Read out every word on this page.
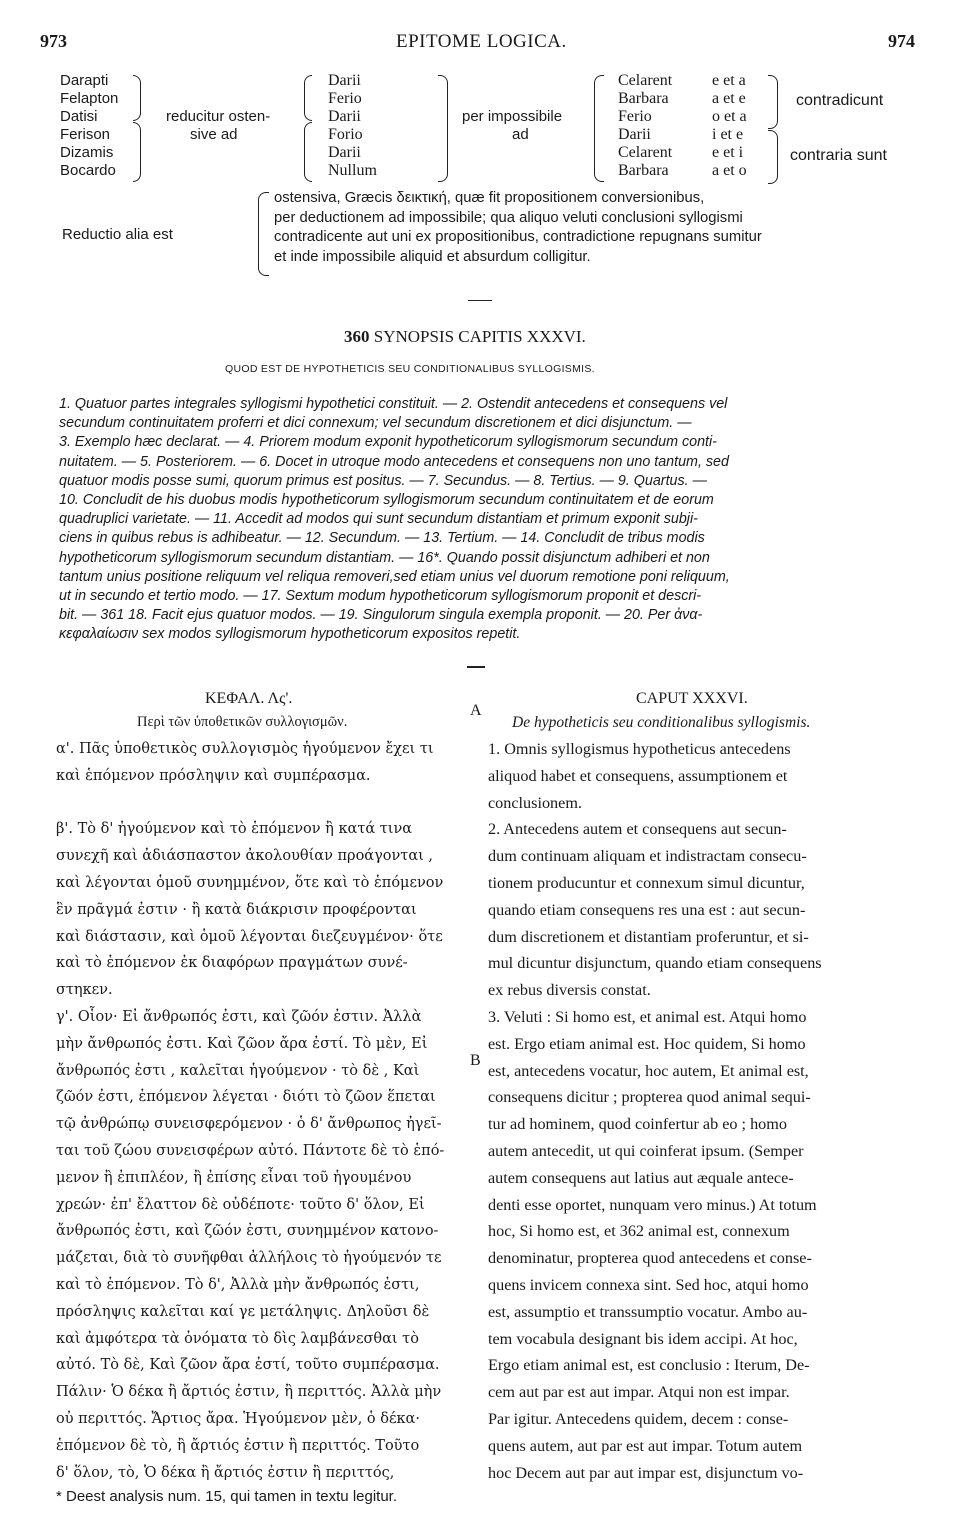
973	EPITOME LOGICA.	974
Darapti
Felapton
Datisi
Ferison
Dizamis
Bocardo
reducitur osten-
sive ad
Darii
Ferio
Darii
Forio
Darii
Nullum
per impossibile
ad
Celarent
Barbara
Ferio
Darii
Celarent
Barbara
e et a
a et e
o et a
i et e
e et i
a et o
contradicunt
contraria sunt
Reductio alia est
ostensiva, Græcis δεικτική, quæ fit propositionem conversionibus,
per deductionem ad impossibile; qua aliquo veluti conclusioni syllogismi
contradicente aut uni ex propositionibus, contradictione repugnans sumitur
et inde impossibile aliquid et absurdum colligitur.
360 SYNOPSIS CAPITIS XXXVI.
QUOD EST DE HYPOTHETICIS SEU CONDITIONALIBUS SYLLOGISMIS.
1. Quatuor partes integrales syllogismi hypothetici constituit. — 2. Ostendit antecedens et consequens vel
secundum continuitatem proferri et dici connexum; vel secundum discretionem et dici disjunctum. —
3. Exemplo hæc declarat. — 4. Priorem modum exponit hypotheticorum syllogismorum secundum conti-
nuitatem. — 5. Posteriorem. — 6. Docet in utroque modo antecedens et consequens non uno tantum, sed
quatuor modis posse sumi, quorum primus est positus. — 7. Secundus. — 8. Tertius. — 9. Quartus. —
10. Concludit de his duobus modis hypotheticorum syllogismorum secundum continuitatem et de eorum
quadruplici varietate. — 11. Accedit ad modos qui sunt secundum distantiam et primum exponit subji-
ciens in quibus rebus is adhibeatur. — 12. Secundum. — 13. Tertium. — 14. Concludit de tribus modis
hypotheticorum syllogismorum secundum distantiam. — 16*. Quando possit disjunctum adhiberi et non
tantum unius positione reliquum vel reliqua removeri,sed etiam unius vel duorum remotione poni reliquum,
ut in secundo et tertio modo. — 17. Sextum modum hypotheticorum syllogismorum proponit et descri-
bit. — 361 18. Facit ejus quatuor modos. — 19. Singulorum singula exempla proponit. — 20. Per ἀνα-
κεφαλαίωσιν sex modos syllogismorum hypotheticorum expositos repetit.
ΚΕΦΑΛ. Λς'.
Περὶ τῶν ὑποθετικῶν συλλογισμῶν.
α'. Πᾶς ὑποθετικὸς συλλογισμὸς ἡγούμενον ἔχει τι
καὶ ἑπόμενον πρόσληψιν καὶ συμπέρασμα.
β'. Τὸ δ' ἡγούμενον καὶ τὸ ἑπόμενον ἢ κατά τινα
συνεχῆ καὶ ἀδιάσπαστον ἀκολουθίαν προάγονται ,
καὶ λέγονται ὁμοῦ συνημμένον, ὅτε καὶ τὸ ἑπόμενον
ἓν πρᾶγμά ἐστιν · ἢ κατὰ διάκρισιν προφέρονται
καὶ διάστασιν, καὶ ὁμοῦ λέγονται διεζευγμένον· ὅτε
καὶ τὸ ἑπόμενον ἐκ διαφόρων πραγμάτων συνέ-
στηκεν.
γ'. Οἷον· Εἰ ἄνθρωπός ἐστι, καὶ ζῶόν ἐστιν. Ἀλλὰ
μὴν ἄνθρωπός ἐστι. Καὶ ζῶον ἄρα ἐστί. Τὸ μὲν, Εἰ
ἄνθρωπός ἐστι , καλεῖται ἡγούμενον · τὸ δὲ , Καὶ
ζῶόν ἐστι, ἑπόμενον λέγεται · διότι τὸ ζῶον ἕπεται
τῷ ἀνθρώπῳ συνεισφερόμενον · ὁ δ' ἄνθρωπος ἠγεῖ-
ται τοῦ ζώου συνεισφέρων αὐτό. Πάντοτε δὲ τὸ ἑπό-
μενον ἢ ἐπιπλέον, ἢ ἐπίσης εἶναι τοῦ ἡγουμένου
χρεών· ἐπ' ἔλαττον δὲ οὐδέποτε· τοῦτο δ' ὅλον, Εἰ
ἄνθρωπός ἐστι, καὶ ζῶόν ἐστι, συνημμένον κατονο-
μάζεται, διὰ τὸ συνῆφθαι ἀλλήλοις τὸ ἡγούμενόν τε
καὶ τὸ ἑπόμενον. Τὸ δ', Ἀλλὰ μὴν ἄνθρωπός ἐστι,
πρόσληψις καλεῖται καί γε μετάληψις. Δηλοῦσι δὲ
καὶ ἀμφότερα τὰ ὀνόματα τὸ δὶς λαμβάνεσθαι τὸ
αὐτό. Τὸ δὲ, Καὶ ζῶον ἄρα ἐστί, τοῦτο συμπέρασμα.
Πάλιν· Ὁ δέκα ἢ ἄρτιός ἐστιν, ἢ περιττός. Ἀλλὰ μὴν
οὐ περιττός. Ἄρτιος ἄρα. Ἡγούμενον μὲν, ὁ δέκα·
ἑπόμενον δὲ τὸ, ἢ ἄρτιός ἐστιν ἢ περιττός. Τοῦτο
δ' ὅλον, τὸ, Ὁ δέκα ἢ ἄρτιός ἐστιν ἢ περιττός,
A
B
CAPUT XXXVI.
De hypotheticis seu conditionalibus syllogismis.
1. Omnis syllogismus hypotheticus antecedens
aliquod habet et consequens, assumptionem et
conclusionem.
2. Antecedens autem et consequens aut secun-
dum continuam aliquam et indistractam consecu-
tionem producuntur et connexum simul dicuntur,
quando etiam consequens res una est : aut secun-
dum discretionem et distantiam proferuntur, et si-
mul dicuntur disjunctum, quando etiam consequens
ex rebus diversis constat.
3. Veluti : Si homo est, et animal est. Atqui homo
est. Ergo etiam animal est. Hoc quidem, Si homo
est, antecedens vocatur, hoc autem, Et animal est,
consequens dicitur ; propterea quod animal sequi-
tur ad hominem, quod coinfertur ab eo ; homo
autem antecedit, ut qui coinferat ipsum. (Semper
autem consequens aut latius aut æquale antece-
denti esse oportet, nunquam vero minus.) At totum
hoc, Si homo est, et 362 animal est, connexum
denominatur, propterea quod antecedens et conse-
quens invicem connexa sint. Sed hoc, atqui homo
est, assumptio et transsumptio vocatur. Ambo au-
tem vocabula designant bis idem accipi. At hoc,
Ergo etiam animal est, est conclusio : Iterum, De-
cem aut par est aut impar. Atqui non est impar.
Par igitur. Antecedens quidem, decem : conse-
quens autem, aut par est aut impar. Totum autem
hoc Decem aut par aut impar est, disjunctum vo-
* Deest analysis num. 15, qui tamen in textu legitur.
